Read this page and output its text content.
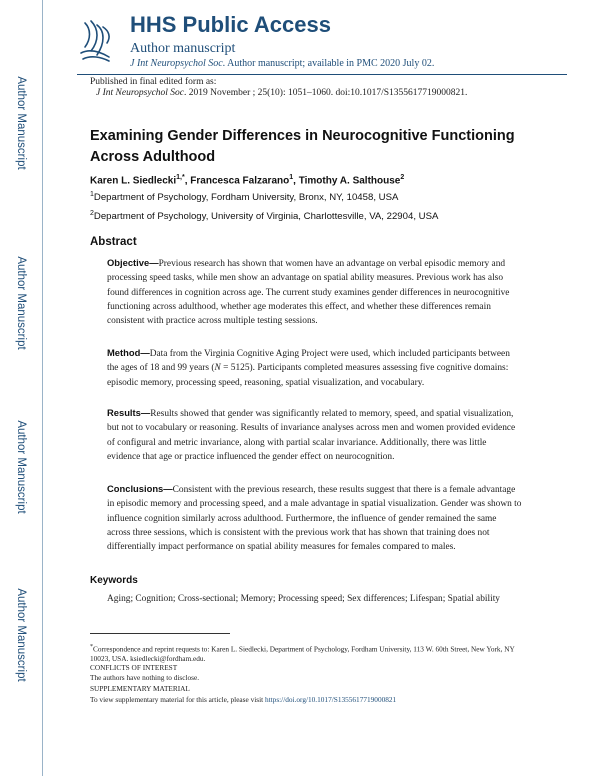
Author Manuscript
Author Manuscript
Author Manuscript
Author Manuscript
HHS Public Access
Author manuscript
J Int Neuropsychol Soc. Author manuscript; available in PMC 2020 July 02.
Published in final edited form as:
J Int Neuropsychol Soc. 2019 November ; 25(10): 1051–1060. doi:10.1017/S1355617719000821.
Examining Gender Differences in Neurocognitive Functioning Across Adulthood
Karen L. Siedlecki$^{1,*}$, Francesca Falzarano$^1$, Timothy A. Salthouse$^2$
$^1$Department of Psychology, Fordham University, Bronx, NY, 10458, USA
$^2$Department of Psychology, University of Virginia, Charlottesville, VA, 22904, USA
Abstract
Objective—Previous research has shown that women have an advantage on verbal episodic memory and processing speed tasks, while men show an advantage on spatial ability measures. Previous work has also found differences in cognition across age. The current study examines gender differences in neurocognitive functioning across adulthood, whether age moderates this effect, and whether these differences remain consistent with practice across multiple testing sessions.
Method—Data from the Virginia Cognitive Aging Project were used, which included participants between the ages of 18 and 99 years (N = 5125). Participants completed measures assessing five cognitive domains: episodic memory, processing speed, reasoning, spatial visualization, and vocabulary.
Results—Results showed that gender was significantly related to memory, speed, and spatial visualization, but not to vocabulary or reasoning. Results of invariance analyses across men and women provided evidence of configural and metric invariance, along with partial scalar invariance. Additionally, there was little evidence that age or practice influenced the gender effect on neurocognition.
Conclusions—Consistent with the previous research, these results suggest that there is a female advantage in episodic memory and processing speed, and a male advantage in spatial visualization. Gender was shown to influence cognition similarly across adulthood. Furthermore, the influence of gender remained the same across three sessions, which is consistent with the previous work that has shown that training does not differentially impact performance on spatial ability measures for females compared to males.
Keywords
Aging; Cognition; Cross-sectional; Memory; Processing speed; Sex differences; Lifespan; Spatial ability
*Correspondence and reprint requests to: Karen L. Siedlecki, Department of Psychology, Fordham University, 113 W. 60th Street, New York, NY 10023, USA. ksiedlecki@fordham.edu.
CONFLICTS OF INTEREST
The authors have nothing to disclose.
SUPPLEMENTARY MATERIAL
To view supplementary material for this article, please visit https://doi.org/10.1017/S1355617719000821
